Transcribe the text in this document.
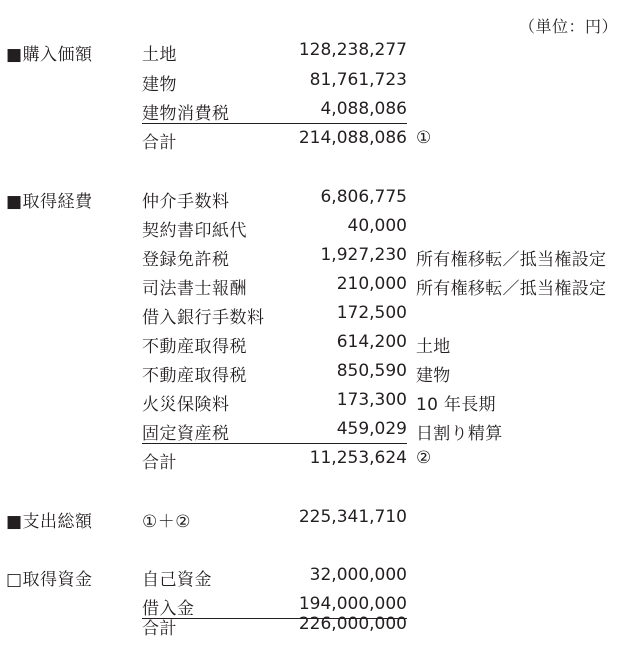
（単位：円）
■購入価額	土地	128,238,277
建物	81,761,723
建物消費税	4,088,086
合計	214,088,086 ①
■取得経費	仲介手数料	6,806,775
契約書印紙代	40,000
登録免許税	1,927,230 所有権移転／抵当権設定
司法書士報酬	210,000 所有権移転／抵当権設定
借入銀行手数料	172,500
不動産取得税	614,200 土地
不動産取得税	850,590 建物
火災保険料	173,300 10 年長期
固定資産税	459,029 日割り精算
合計	11,253,624 ②
■支出総額	①＋②	225,341,710
□取得資金	自己資金	32,000,000
借入金	194,000,000
合計	226,000,000
